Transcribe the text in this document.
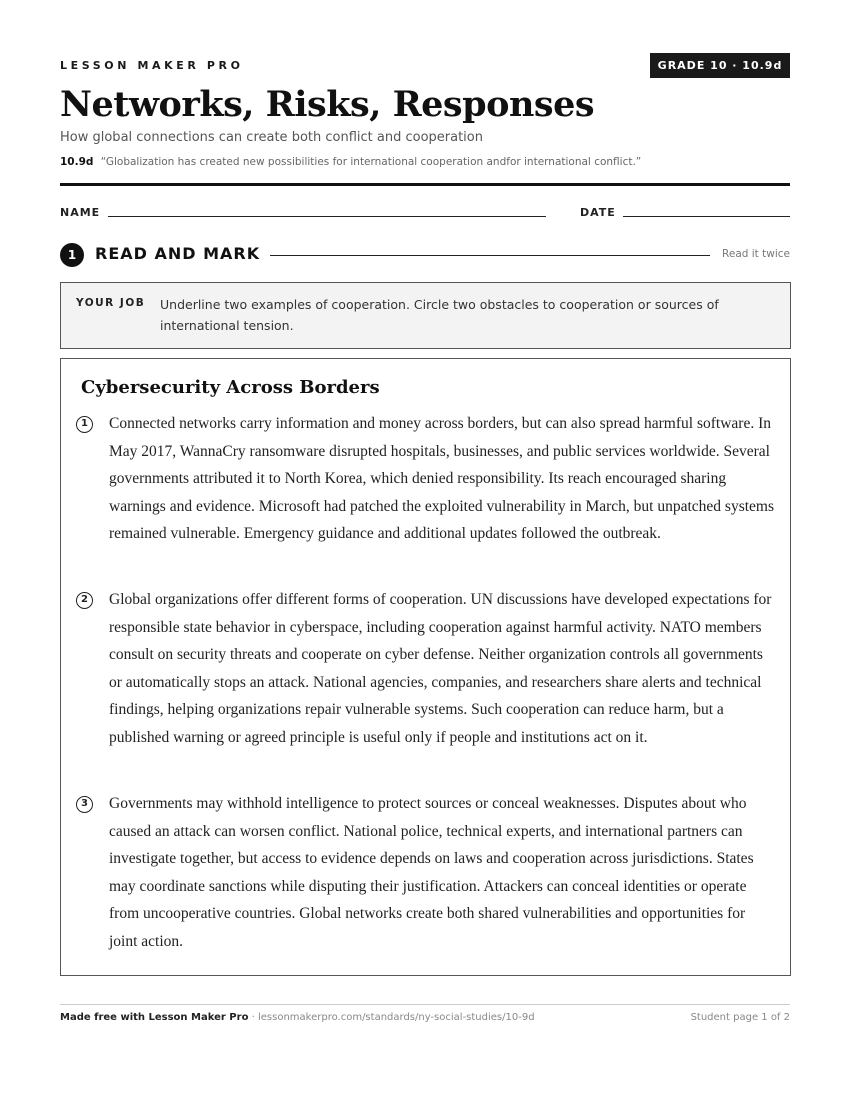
LESSON MAKER PRO	GRADE 10 · 10.9d
Networks, Risks, Responses
How global connections can create both conflict and cooperation
10.9d “Globalization has created new possibilities for international cooperation andfor international conflict.”
NAME	DATE
1	READ AND MARK	Read it twice
YOUR JOB Underline two examples of cooperation. Circle two obstacles to cooperation or sources of international tension.
Cybersecurity Across Borders
1	Connected networks carry information and money across borders, but can also spread harmful software. In May 2017, WannaCry ransomware disrupted hospitals, businesses, and public services worldwide. Several governments attributed it to North Korea, which denied responsibility. Its reach encouraged sharing warnings and evidence. Microsoft had patched the exploited vulnerability in March, but unpatched systems remained vulnerable. Emergency guidance and additional updates followed the outbreak.

2	Global organizations offer different forms of cooperation. UN discussions have developed expectations for responsible state behavior in cyberspace, including cooperation against harmful activity. NATO members consult on security threats and cooperate on cyber defense. Neither organization controls all governments or automatically stops an attack. National agencies, companies, and researchers share alerts and technical findings, helping organizations repair vulnerable systems. Such cooperation can reduce harm, but a published warning or agreed principle is useful only if people and institutions act on it.

3	Governments may withhold intelligence to protect sources or conceal weaknesses. Disputes about who caused an attack can worsen conflict. National police, technical experts, and international partners can investigate together, but access to evidence depends on laws and cooperation across jurisdictions. States may coordinate sanctions while disputing their justification. Attackers can conceal identities or operate from uncooperative countries. Global networks create both shared vulnerabilities and opportunities for joint action.

Made free with Lesson Maker Pro · lessonmakerpro.com/standards/ny-social-studies/10-9d	Student page 1 of 2
